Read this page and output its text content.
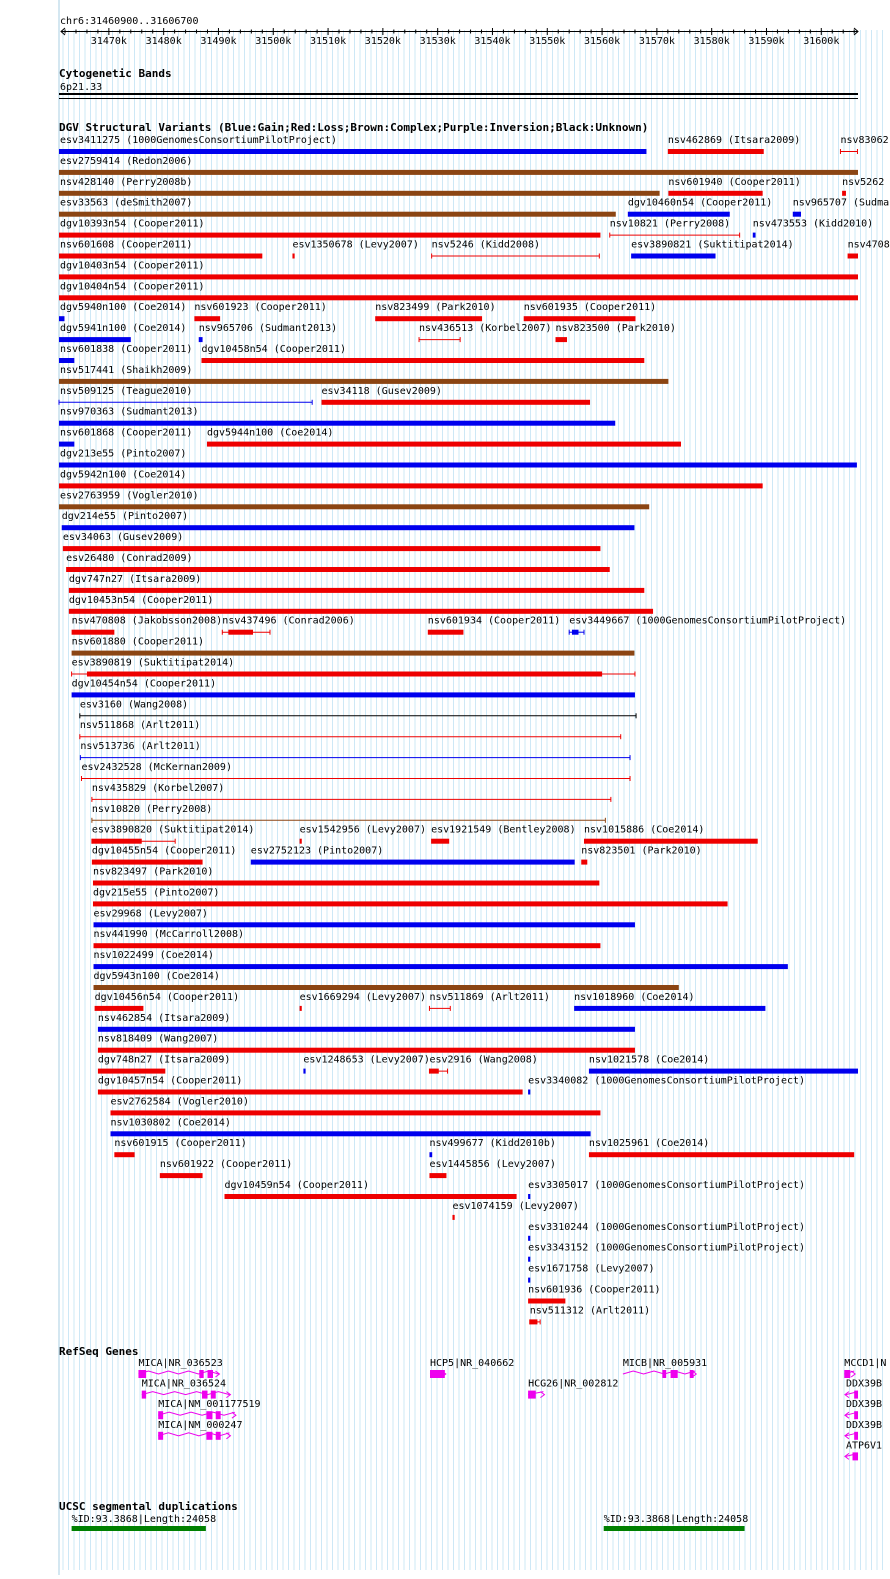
chr6:31460900..31606700
31470k 31480k 31490k 31500k 31510k 31520k 31530k 31540k 31550k 31560k 31570k 31580k 31590k 31600k
Cytogenetic Bands
6p21.33
DGV Structural Variants (Blue:Gain;Red:Loss;Brown:Complex;Purple:Inversion;Black:Unknown)
esv3411275 (1000GenomesConsortiumPilotProject)	nsv462869 (Itsara2009)	nsv83062
esv2759414 (Redon2006)
nsv428140 (Perry2008b)	nsv601940 (Cooper2011)	nsv5262
esv33563 (deSmith2007)	dgv10460n54 (Cooper2011) nsv965707 (Sudma
dgv10393n54 (Cooper2011)	nsv10821 (Perry2008) nsv473553 (Kidd2010)
nsv601608 (Cooper2011)	esv1350678 (Levy2007) nsv5246 (Kidd2008)	esv3890821 (Suktitipat2014)	nsv4708
dgv10403n54 (Cooper2011)
dgv10404n54 (Cooper2011)
dgv5940n100 (Coe2014) nsv601923 (Cooper2011)	nsv823499 (Park2010)	nsv601935 (Cooper2011)
dgv5941n100 (Coe2014) nsv965706 (Sudmant2013)	nsv436513 (Korbel2007) nsv823500 (Park2010)
nsv601838 (Cooper2011) dgv10458n54 (Cooper2011)
nsv517441 (Shaikh2009)
nsv509125 (Teague2010)	esv34118 (Gusev2009)
nsv970363 (Sudmant2013)
nsv601868 (Cooper2011) dgv5944n100 (Coe2014)
dgv213e55 (Pinto2007)
dgv5942n100 (Coe2014)
esv2763959 (Vogler2010)
dgv214e55 (Pinto2007)
esv34063 (Gusev2009)
esv26480 (Conrad2009)
dgv747n27 (Itsara2009)
dgv10453n54 (Cooper2011)
nsv470808 (Jakobsson2008) nsv437496 (Conrad2006)	nsv601934 (Cooper2011) esv3449667 (1000GenomesConsortiumPilotProject)
nsv601880 (Cooper2011)
esv3890819 (Suktitipat2014)
dgv10454n54 (Cooper2011)
esv3160 (Wang2008)
nsv511868 (Arlt2011)
nsv513736 (Arlt2011)
esv2432528 (McKernan2009)
nsv435829 (Korbel2007)
nsv10820 (Perry2008)
esv3890820 (Suktitipat2014)	esv1542956 (Levy2007) esv1921549 (Bentley2008) nsv1015886 (Coe2014)
dgv10455n54 (Cooper2011) esv2752123 (Pinto2007)	nsv823501 (Park2010)
nsv823497 (Park2010)
dgv215e55 (Pinto2007)
esv29968 (Levy2007)
nsv441990 (McCarroll2008)
nsv1022499 (Coe2014)
dgv5943n100 (Coe2014)
dgv10456n54 (Cooper2011)	esv1669294 (Levy2007) nsv511869 (Arlt2011) nsv1018960 (Coe2014)
nsv462854 (Itsara2009)
nsv818409 (Wang2007)
dgv748n27 (Itsara2009)	esv1248653 (Levy2007) esv2916 (Wang2008)	nsv1021578 (Coe2014)
dgv10457n54 (Cooper2011)	esv3340082 (1000GenomesConsortiumPilotProject)
esv2762584 (Vogler2010)
nsv1030802 (Coe2014)
nsv601915 (Cooper2011)	nsv499677 (Kidd2010b)	nsv1025961 (Coe2014)
nsv601922 (Cooper2011)	esv1445856 (Levy2007)
dgv10459n54 (Cooper2011)	esv3305017 (1000GenomesConsortiumPilotProject)
esv1074159 (Levy2007)
esv3310244 (1000GenomesConsortiumPilotProject)
esv3343152 (1000GenomesConsortiumPilotProject)
esv1671758 (Levy2007)
nsv601936 (Cooper2011)
nsv511312 (Arlt2011)
RefSeq Genes
MICA|NR_036523	HCP5|NR_040662	MICB|NR_005931	MCCD1|N
MICA|NR_036524	HCG26|NR_002812	DDX39B
MICA|NM_001177519	DDX39B
MICA|NM_000247	DDX39B
ATP6V1
UCSC segmental duplications
%ID:93.3868|Length:24058	%ID:93.3868|Length:24058
